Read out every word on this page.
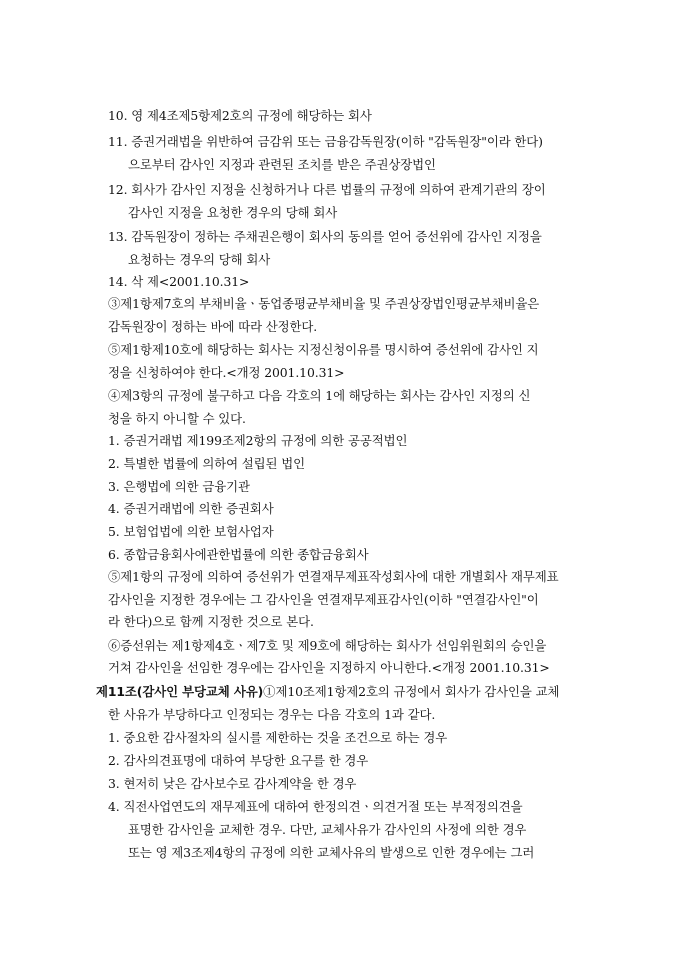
10. 영 제4조제5항제2호의 규정에 해당하는 회사
11. 증권거래법을 위반하여 금감위 또는 금융감독원장(이하 "감독원장"이라 한다)
으로부터 감사인 지정과 관련된 조치를 받은 주권상장법인
12. 회사가 감사인 지정을 신청하거나 다른 법률의 규정에 의하여 관계기관의 장이
감사인 지정을 요청한 경우의 당해 회사
13. 감독원장이 정하는 주채권은행이 회사의 동의를 얻어 증선위에 감사인 지정을
요청하는 경우의 당해 회사
14. 삭 제<2001.10.31>
③제1항제7호의 부채비율ㆍ동업종평균부채비율 및 주권상장법인평균부채비율은
감독원장이 정하는 바에 따라 산정한다.
⑤제1항제10호에 해당하는 회사는 지정신청이유를 명시하여 증선위에 감사인 지
정을 신청하여야 한다.<개정 2001.10.31>
④제3항의 규정에 불구하고 다음 각호의 1에 해당하는 회사는 감사인 지정의 신
청을 하지 아니할 수 있다.
1. 증권거래법 제199조제2항의 규정에 의한 공공적법인
2. 특별한 법률에 의하여 설립된 법인
3. 은행법에 의한 금융기관
4. 증권거래법에 의한 증권회사
5. 보험업법에 의한 보험사업자
6. 종합금융회사에관한법률에 의한 종합금융회사
⑤제1항의 규정에 의하여 증선위가 연결재무제표작성회사에 대한 개별회사 재무제표
감사인을 지정한 경우에는 그 감사인을 연결재무제표감사인(이하 "연결감사인"이
라 한다)으로 함께 지정한 것으로 본다.
⑥증선위는 제1항제4호ㆍ제7호 및 제9호에 해당하는 회사가 선임위원회의 승인을
거쳐 감사인을 선임한 경우에는 감사인을 지정하지 아니한다.<개정 2001.10.31>
제11조(감사인 부당교체 사유)①제10조제1항제2호의 규정에서 회사가 감사인을 교체
한 사유가 부당하다고 인정되는 경우는 다음 각호의 1과 같다.
1. 중요한 감사절차의 실시를 제한하는 것을 조건으로 하는 경우
2. 감사의견표명에 대하여 부당한 요구를 한 경우
3. 현저히 낮은 감사보수로 감사계약을 한 경우
4. 직전사업연도의 재무제표에 대하여 한정의견ㆍ의견거절 또는 부적정의견을
표명한 감사인을 교체한 경우. 다만, 교체사유가 감사인의 사정에 의한 경우
또는 영 제3조제4항의 규정에 의한 교체사유의 발생으로 인한 경우에는 그러
